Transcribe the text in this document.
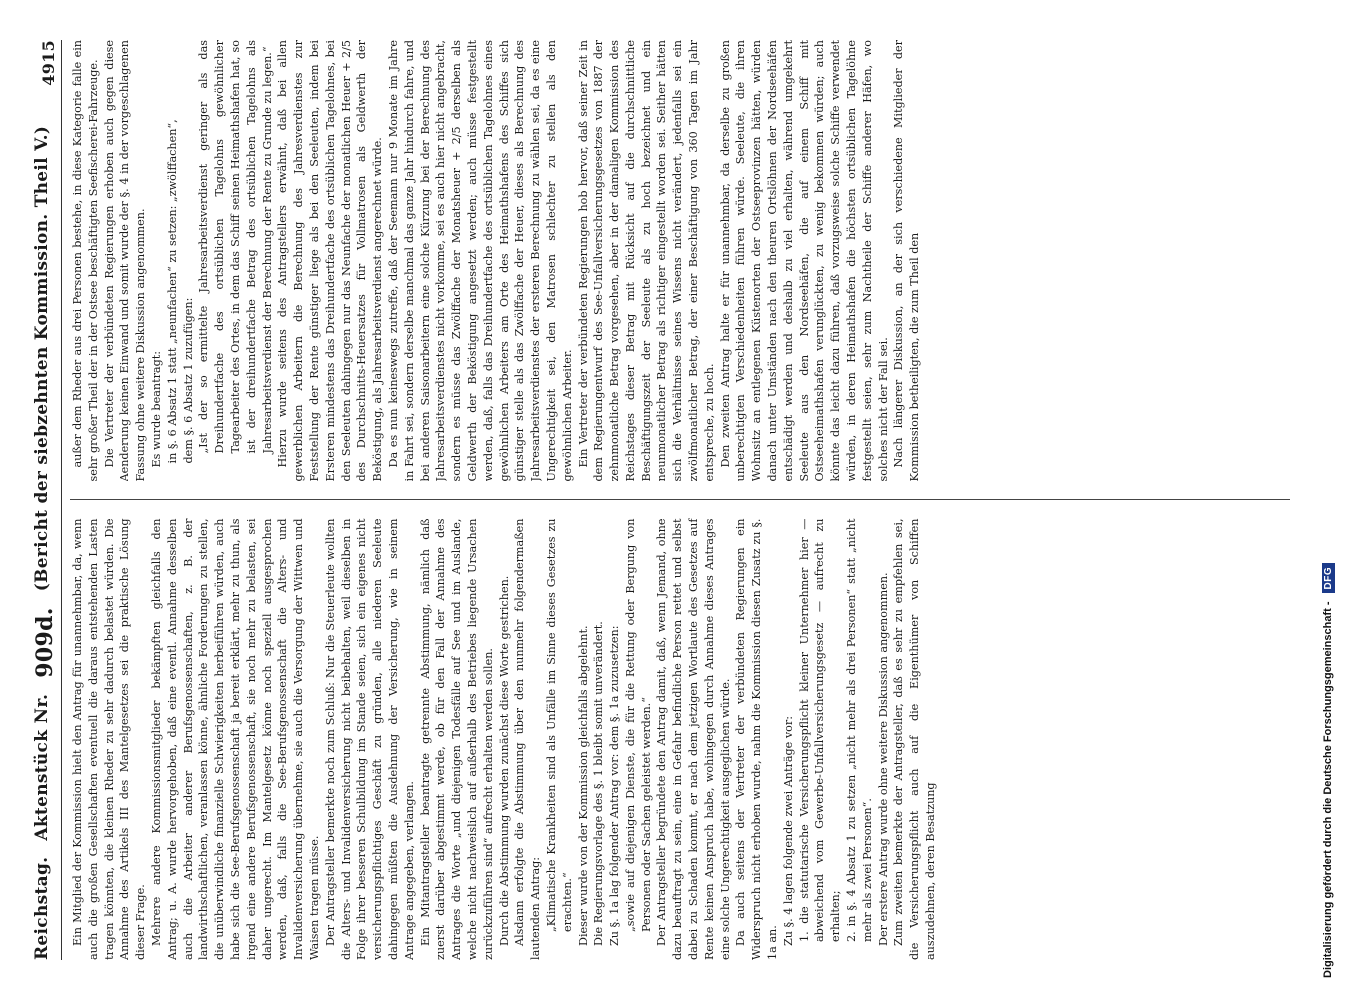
Reichstag.
Aktenstück Nr.
909d.
(Bericht der siebzehnten Kommission. Theil V.)
4915

Ein Mitglied der Kommission hielt den Antrag für unannehmbar, da, wenn auch die großen Gesellschaften eventuell die daraus entstehenden Lasten tragen könnten, die kleinen Rheder zu sehr dadurch belastet würden. Die Annahme des Artikels III des Mantelgesetzes sei die praktische Lösung dieser Frage. Mehrere andere Kommissionsmitglieder bekämpften gleichfalls den Antrag; u. A. wurde hervorgehoben, daß eine eventl. Annahme desselben auch die Arbeiter anderer Berufsgenossenschaften, z. B. der landwirthschaftlichen, veranlassen könne, ähnliche Forderungen zu stellen, die unüberwindliche finanzielle Schwierigkeiten herbeiführen würden, auch habe sich die See-Berufsgenossenschaft ja bereit erklärt, mehr zu thun, als irgend eine andere Berufsgenossenschaft, sie noch mehr zu belasten, sei daher ungerecht. Im Mantelgesetz könne noch speziell ausgesprochen werden, daß, falls die See-Berufsgenossenschaft die Alters- und Invalidenversicherung übernehme, sie auch die Versorgung der Wittwen und Waisen tragen müsse. Der Antragsteller bemerkte noch zum Schluß: Nur die Steuerleute wollten die Alters- und Invalidenversicherung nicht beibehalten, weil dieselben in Folge ihrer besseren Schulbildung im Stande seien, sich ein eigenes nicht versicherungspflichtiges Geschäft zu gründen, alle niederen Seeleute dahingegen müßten die Ausdehnung der Versicherung, wie in seinem Antrage angegeben, verlangen. Ein Mitantragsteller beantragte getrennte Abstimmung, nämlich daß zuerst darüber abgestimmt werde, ob für den Fall der Annahme des Antrages die Worte „und diejenigen Todesfälle auf See und im Auslande, welche nicht nachweislich auf außerhalb des Betriebes liegende Ursachen zurückzuführen sind“ aufrecht erhalten werden sollen. Durch die Abstimmung wurden zunächst diese Worte gestrichen. Alsdann erfolgte die Abstimmung über den nunmehr folgendermaßen lautenden Antrag: „Klimatische Krankheiten sind als Unfälle im Sinne dieses Gesetzes zu erachten.“ Dieser wurde von der Kommission gleichfalls abgelehnt. Die Regierungsvorlage des §. 1 bleibt somit unverändert. Zu §. 1a lag folgender Antrag vor: dem §. 1a zuzusetzen: „sowie auf diejenigen Dienste, die für die Rettung oder Bergung von Personen oder Sachen geleistet werden.“ Der Antragsteller begründete den Antrag damit, daß, wenn Jemand, ohne dazu beauftragt zu sein, eine in Gefahr befindliche Person rettet und selbst dabei zu Schaden kommt, er nach dem jetzigen Wortlaute des Gesetzes auf Rente keinen Anspruch habe, wohingegen durch Annahme dieses Antrages eine solche Ungerechtigkeit ausgeglichen würde. Da auch seitens der Vertreter der verbündeten Regierungen ein Widerspruch nicht erhoben wurde, nahm die Kommission diesen Zusatz zu §. 1a an. Zu §. 4 lagen folgende zwei Anträge vor: 1. die statutarische Versicherungspflicht kleiner Unternehmer hier — abweichend vom Gewerbe-Unfallversicherungsgesetz — aufrecht zu erhalten; 2. in §. 4 Absatz 1 zu setzen „nicht mehr als drei Personen“ statt „nicht mehr als zwei Personen“. Der erstere Antrag wurde ohne weitere Diskussion angenommen. Zum zweiten bemerkte der Antragsteller, daß es sehr zu empfehlen sei, die Versicherungspflicht auch auf die Eigenthümer von Schiffen auszudehnen, deren Besatzung

außer dem Rheder aus drei Personen bestehe, in diese Kategorie falle ein sehr großer Theil der in der Ostsee beschäftigten Seefischerei-Fahrzeuge. Die Vertreter der verbündeten Regierungen erhoben auch gegen diese Aenderung keinen Einwand und somit wurde der §. 4 in der vorgeschlagenen Fassung ohne weitere Diskussion angenommen. Es wurde beantragt: in §. 6 Absatz 1 statt „neunfachen“ zu setzen: „zwölffachen“, dem §. 6 Absatz 1 zuzufügen: „Ist der so ermittelte Jahresarbeitsverdienst geringer als das Dreihundertfache des ortsüblichen Tagelohns gewöhnlicher Tagearbeiter des Ortes, in dem das Schiff seinen Heimathshafen hat, so ist der dreihundertfache Betrag des ortsüblichen Tagelohns als Jahresarbeitsverdienst der Berechnung der Rente zu Grunde zu legen.“ Hierzu wurde seitens des Antragstellers erwähnt, daß bei allen gewerblichen Arbeitern die Berechnung des Jahresverdienstes zur Feststellung der Rente günstiger liege als bei den Seeleuten, indem bei Ersteren mindestens das Dreihundertfache des ortsüblichen Tagelohnes, bei den Seeleuten dahingegen nur das Neunfache der monatlichen Heuer + 2/5 des Durchschnitts-Heuersatzes für Vollmatrosen als Geldwerth der Beköstigung, als Jahresarbeitsverdienst angerechnet würde. Da es nun keineswegs zutreffe, daß der Seemann nur 9 Monate im Jahre in Fahrt sei, sondern derselbe manchmal das ganze Jahr hindurch fahre, und bei anderen Saisonarbeitern eine solche Kürzung bei der Berechnung des Jahresarbeitsverdienstes nicht vorkomme, sei es auch hier nicht angebracht, sondern es müsse das Zwölffache der Monatsheuer + 2/5 derselben als Geldwerth der Beköstigung angesetzt werden; auch müsse festgestellt werden, daß, falls das Dreihundertfache des ortsüblichen Tagelohnes eines gewöhnlichen Arbeiters am Orte des Heimathshafens des Schiffes sich günstiger stelle als das Zwölffache der Heuer, dieses als Berechnung des Jahresarbeitsverdienstes der ersteren Berechnung zu wählen sei, da es eine Ungerechtigkeit sei, den Matrosen schlechter zu stellen als den gewöhnlichen Arbeiter. Ein Vertreter der verbündeten Regierungen hob hervor, daß seiner Zeit in dem Regierungentwurf des See-Unfallversicherungsgesetzes von 1887 der zehnmonatliche Betrag vorgesehen, aber in der damaligen Kommission des Reichstages dieser Betrag mit Rücksicht auf die durchschnittliche Beschäftigungszeit der Seeleute als zu hoch bezeichnet und ein neunmonatlicher Betrag als richtiger eingestellt worden sei. Seither hätten sich die Verhältnisse seines Wissens nicht verändert, jedenfalls sei ein zwölfmonatlicher Betrag, der einer Beschäftigung von 360 Tagen im Jahr entspreche, zu hoch. Den zweiten Antrag halte er für unannehmbar, da derselbe zu großen unberechtigten Verschiedenheiten führen würde. Seeleute, die ihren Wohnsitz an entlegenen Küstenorten der Ostseeprovinzen hätten, würden danach unter Umständen nach den theuren Ortslöhnen der Nordseehäfen entschädigt werden und deshalb zu viel erhalten, während umgekehrt Seeleute aus den Nordseehäfen, die auf einem Schiff mit Ostseeheimathshafen verunglückten, zu wenig bekommen würden; auch könnte das leicht dazu führen, daß vorzugsweise solche Schiffe verwendet würden, in deren Heimathshafen die höchsten ortsüblichen Tagelöhne festgestellt seien, sehr zum Nachtheile der Schiffe anderer Häfen, wo solches nicht der Fall sei. Nach längerer Diskussion, an der sich verschiedene Mitglieder der Kommission betheiligten, die zum Theil den

Digitalisierung gefördert durch die Deutsche Forschungsgemeinschaft -
DFG
